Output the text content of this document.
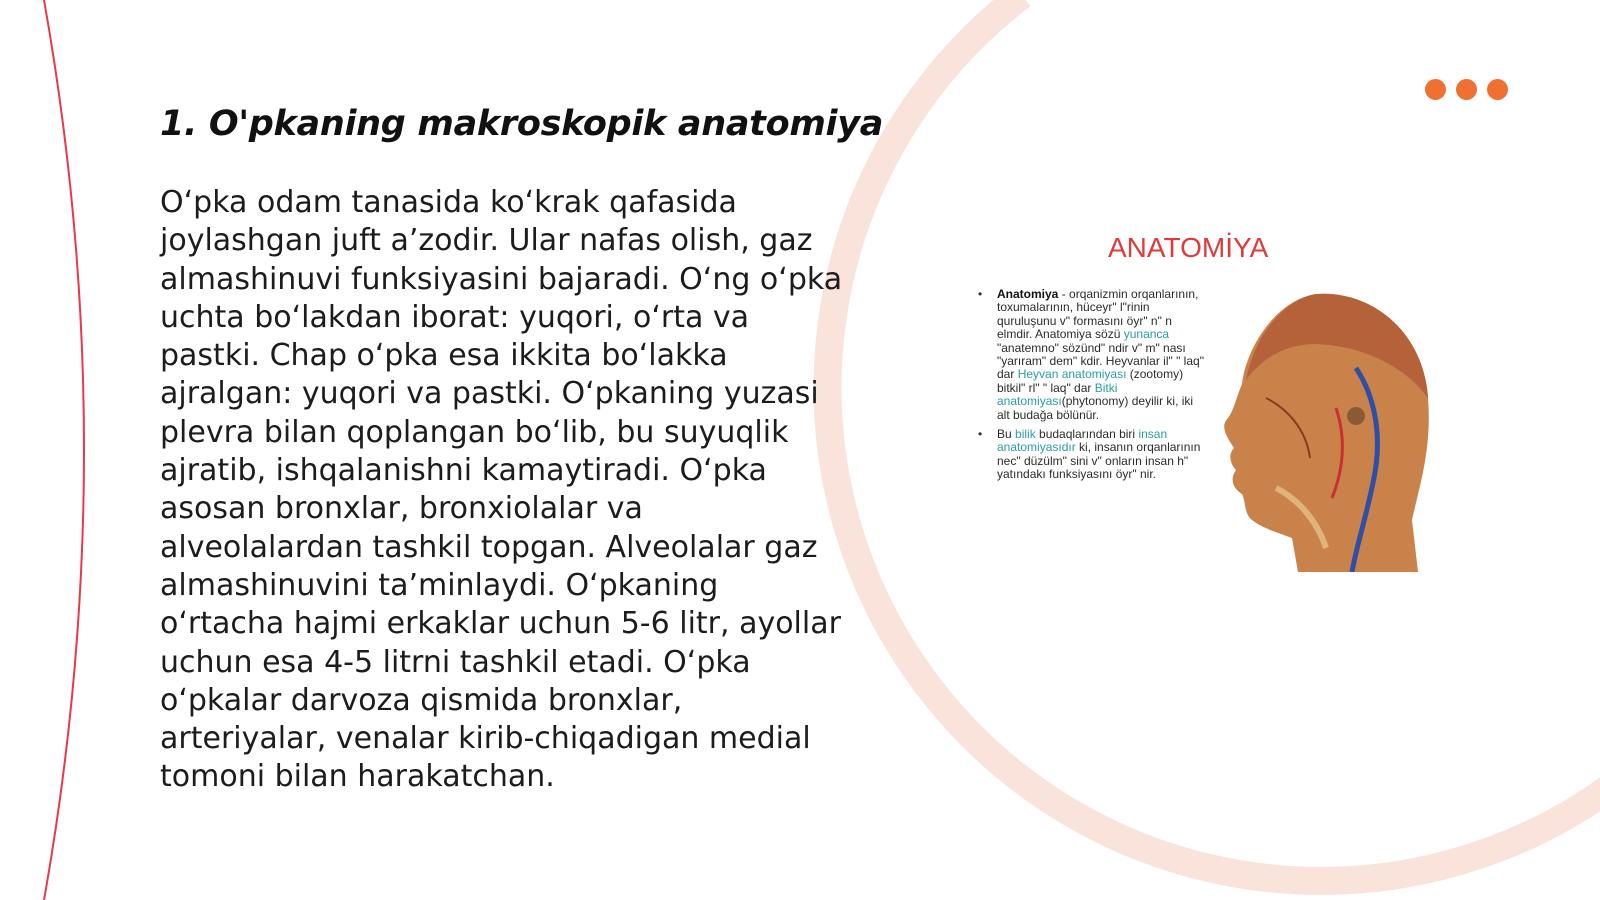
1. O'pkaning makroskopik anatomiya

O‘pka odam tanasida ko‘krak qafasida joylashgan juft a’zodir. Ular nafas olish, gaz almashinuvi funksiyasini bajaradi. O‘ng o‘pka uchta bo‘lakdan iborat: yuqori, o‘rta va pastki. Chap o‘pka esa ikkita bo‘lakka ajralgan: yuqori va pastki. O‘pkaning yuzasi plevra bilan qoplangan bo‘lib, bu suyuqlik ajratib, ishqalanishni kamaytiradi. O‘pka asosan bronxlar, bronxiolalar va alveolalardan tashkil topgan. Alveolalar gaz almashinuvini ta’minlaydi. O‘pkaning o‘rtacha hajmi erkaklar uchun 5-6 litr, ayollar uchun esa 4-5 litrni tashkil etadi. O‘pka o‘pkalar darvoza qismida bronxlar, arteriyalar, venalar kirib-chiqadigan medial tomoni bilan harakatchan.

ANATOMİYA
• Anatomiya - orqanizmin orqanlarının, toxumalarının, hüceyr" l"rinin quruluşunu v" formasını öyr" n" n elmdir. Anatomiya sözü yunanca "anatemno" sözünd" ndir v" m" nası "yarıram" dem" kdir. Heyvanlar il" " laq" dar Heyvan anatomiyası (zootomy) bitkil" rl" " laq" dar Bitki anatomiyası(phytonomy) deyilir ki, iki alt budağa bölünür.
• Bu bilik budaqlarından biri insan anatomiyasıdır ki, insanın orqanlarının nec" düzülm" sini v" onların insan h" yatındakı funksiyasını öyr" nir.
